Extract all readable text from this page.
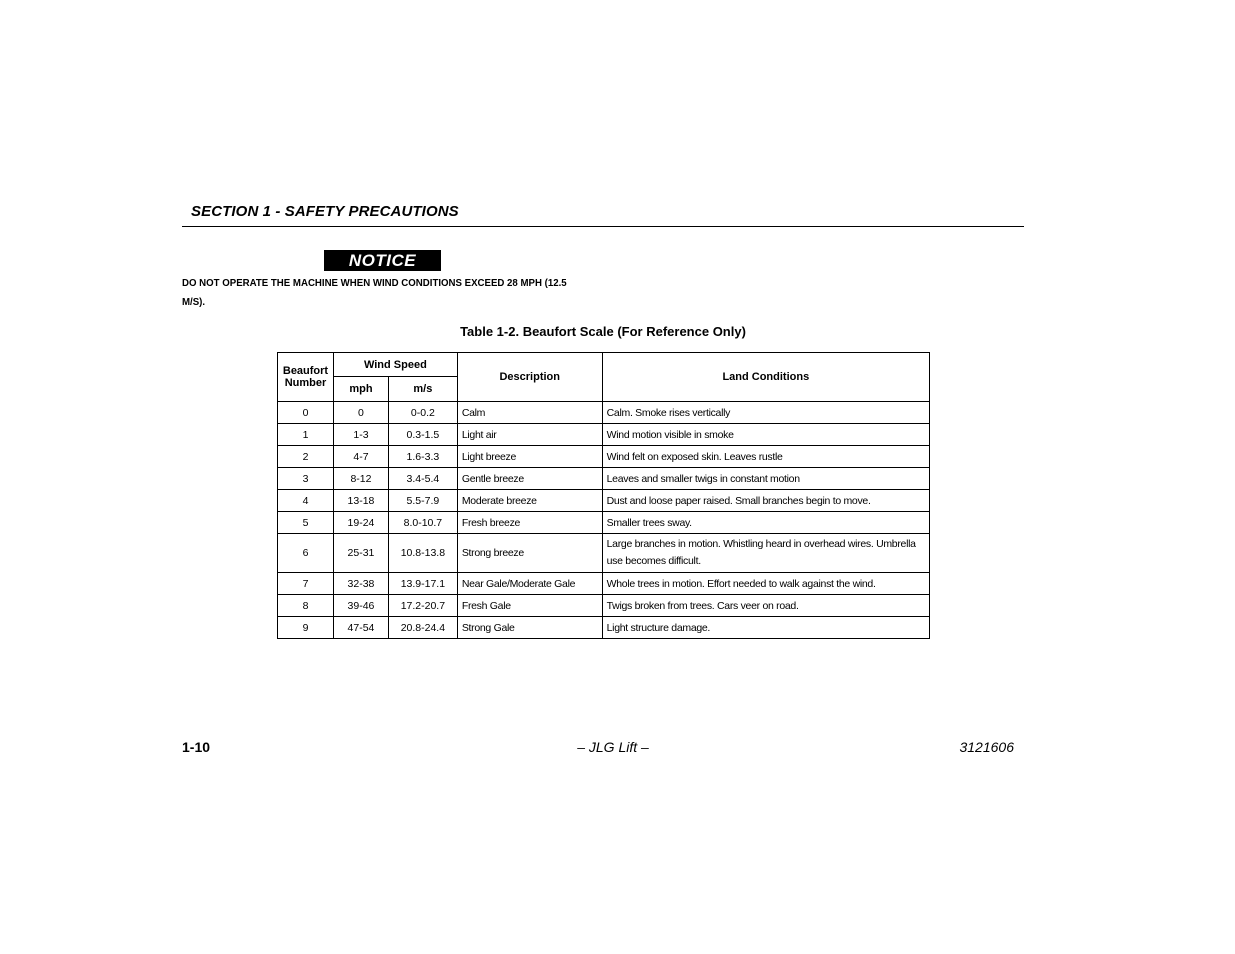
SECTION 1 - SAFETY PRECAUTIONS
NOTICE
DO NOT OPERATE THE MACHINE WHEN WIND CONDITIONS EXCEED 28 MPH (12.5 M/S).
Table 1-2. Beaufort Scale (For Reference Only)
Beaufort Number	Wind Speed		Description	Land Conditions
	mph	m/s		
0	0	0-0.2	Calm	Calm. Smoke rises vertically
1	1-3	0.3-1.5	Light air	Wind motion visible in smoke
2	4-7	1.6-3.3	Light breeze	Wind felt on exposed skin. Leaves rustle
3	8-12	3.4-5.4	Gentle breeze	Leaves and smaller twigs in constant motion
4	13-18	5.5-7.9	Moderate breeze	Dust and loose paper raised. Small branches begin to move.
5	19-24	8.0-10.7	Fresh breeze	Smaller trees sway.
6	25-31	10.8-13.8	Strong breeze	Large branches in motion. Whistling heard in overhead wires. Umbrella use becomes difficult.
7	32-38	13.9-17.1	Near Gale/Moderate Gale	Whole trees in motion. Effort needed to walk against the wind.
8	39-46	17.2-20.7	Fresh Gale	Twigs broken from trees. Cars veer on road.
9	47-54	20.8-24.4	Strong Gale	Light structure damage.
1-10	– JLG Lift –	3121606
